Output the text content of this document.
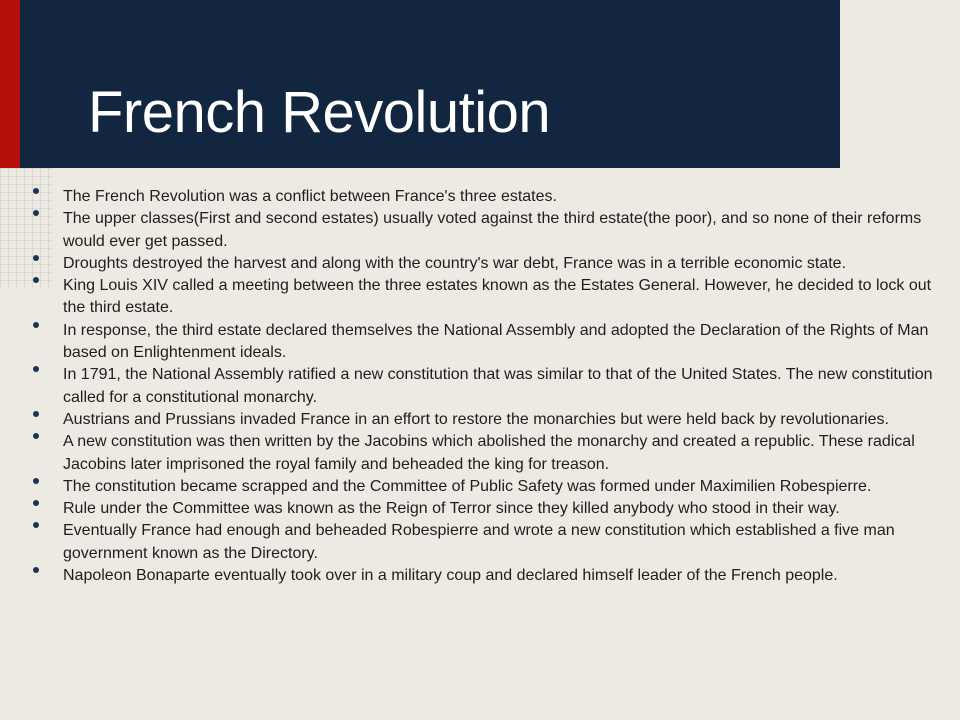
French Revolution
The French Revolution was a conflict between France's three estates.
The upper classes(First and second estates) usually voted against the third estate(the poor), and so none of their reforms would ever get passed.
Droughts destroyed the harvest and along with the country's war debt, France was in a terrible economic state.
King Louis XIV called a meeting between the three estates known as the Estates General. However, he decided to lock out the third estate.
In response, the third estate declared themselves the National Assembly and adopted the Declaration of the Rights of Man based on Enlightenment ideals.
In 1791, the National Assembly ratified a new constitution that was similar to that of the United States. The new constitution called for a constitutional monarchy.
Austrians and Prussians invaded France in an effort to restore the monarchies but were held back by revolutionaries.
A new constitution was then written by the Jacobins which abolished the monarchy and created a republic. These radical Jacobins later imprisoned the royal family and beheaded the king for treason.
The constitution became scrapped and the Committee of Public Safety was formed under Maximilien Robespierre.
Rule under the Committee was known as the Reign of Terror since they killed anybody who stood in their way.
Eventually France had enough and beheaded Robespierre and wrote a new constitution which established a five man government known as the Directory.
Napoleon Bonaparte eventually took over in a military coup and declared himself leader of the French people.
